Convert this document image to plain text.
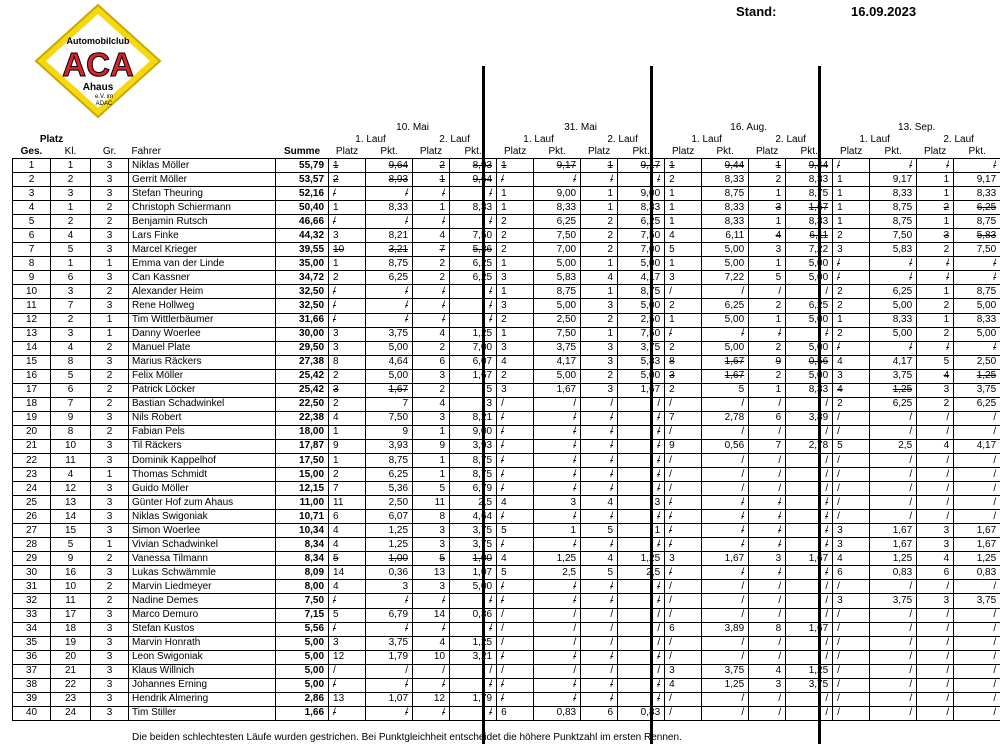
Automobilclub
ACA
Ahaus
e.V. im
ADAC
Stand:	16.09.2023
					10. Mai				31. Mai				16. Aug.				13. Sep.			
Platz					1. Lauf		2. Lauf		1. Lauf		2. Lauf		1. Lauf		2. Lauf		1. Lauf		2. Lauf	
Ges.	Kl.	Gr.	Fahrer	Summe	Platz	Pkt.	Platz	Pkt.	Platz	Pkt.	Platz	Pkt.	Platz	Pkt.	Platz	Pkt.	Platz	Pkt.	Platz	Pkt.
1	1	3	Niklas Möller	55,79	1	9,64	2	8,93	1	9,17	1	9,17	1	9,44	1	9,44	/	/	/	/
2	2	3	Gerrit Möller	53,57	2	8,93	1	9,64	/	/	/	/	2	8,33	2	8,33	1	9,17	1	9,17
3	3	3	Stefan Theuring	52,16	/	/	/	/	1	9,00	1	9,00	1	8,75	1	8,75	1	8,33	1	8,33
4	1	2	Christoph Schiermann	50,40	1	8,33	1	8,33	1	8,33	1	8,33	1	8,33	3	1,67	1	8,75	2	6,25
5	2	2	Benjamin Rutsch	46,66	/	/	/	/	2	6,25	2	6,25	1	8,33	1	8,33	1	8,75	1	8,75
6	4	3	Lars Finke	44,32	3	8,21	4	7,50	2	7,50	2	7,50	4	6,11	4	6,11	2	7,50	3	5,83
7	5	3	Marcel Krieger	39,55	10	3,21	7	5,36	2	7,00	2	7,00	5	5,00	3	7,22	3	5,83	2	7,50
8	1	1	Emma van der Linde	35,00	1	8,75	2	6,25	1	5,00	1	5,00	1	5,00	1	5,00	/	/	/	/
9	6	3	Can Kassner	34,72	2	6,25	2	6,25	3	5,83	4	4,17	3	7,22	5	5,00	/	/	/	/
10	3	2	Alexander Heim	32,50	/	/	/	/	1	8,75	1	8,75	/	/	/	/	2	6,25	1	8,75
11	7	3	Rene Hollweg	32,50	/	/	/	/	3	5,00	3	5,00	2	6,25	2	6,25	2	5,00	2	5,00
12	2	1	Tim Wittlerbäumer	31,66	/	/	/	/	2	2,50	2	2,50	1	5,00	1	5,00	1	8,33	1	8,33
13	3	1	Danny Woerlee	30,00	3	3,75	4	1,25	1	7,50	1	7,50	/	/	/	/	2	5,00	2	5,00
14	4	2	Manuel Plate	29,50	3	5,00	2	7,00	3	3,75	3	3,75	2	5,00	2	5,00	/	/	/	/
15	8	3	Marius Räckers	27,38	8	4,64	6	6,07	4	4,17	3	5,83	8	1,67	9	0,56	4	4,17	5	2,50
16	5	2	Felix Möller	25,42	2	5,00	3	1,67	2	5,00	2	5,00	3	1,67	2	5,00	3	3,75	4	1,25
17	6	2	Patrick Löcker	25,42	3	1,67	2	5	3	1,67	3	1,67	2	5	1	8,33	4	1,25	3	3,75
18	7	2	Bastian Schadwinkel	22,50	2	7	4	3	/	/	/	/	/	/	/	/	2	6,25	2	6,25
19	9	3	Nils Robert	22,38	4	7,50	3	8,21	/	/	/	/	7	2,78	6	3,89	/	/	/	/
20	8	2	Fabian Pels	18,00	1	9	1	9,00	/	/	/	/	/	/	/	/	/	/	/	/
21	10	3	Til Räckers	17,87	9	3,93	9	3,93	/	/	/	/	9	0,56	7	2,78	5	2,5	4	4,17
22	11	3	Dominik Kappelhof	17,50	1	8,75	1	8,75	/	/	/	/	/	/	/	/	/	/	/	/
23	4	1	Thomas Schmidt	15,00	2	6,25	1	8,75	/	/	/	/	/	/	/	/	/	/	/	/
24	12	3	Guido Möller	12,15	7	5,36	5	6,79	/	/	/	/	/	/	/	/	/	/	/	/
25	13	3	Günter Hof zum Ahaus	11,00	11	2,50	11	2,5	4	3	4	3	/	/	/	/	/	/	/	/
26	14	3	Niklas Swigoniak	10,71	6	6,07	8	4,64	/	/	/	/	/	/	/	/	/	/	/	/
27	15	3	Simon Woerlee	10,34	4	1,25	3	3,75	5	1	5	1	/	/	/	/	3	1,67	3	1,67
28	5	1	Vivian Schadwinkel	8,34	4	1,25	3	3,75	/	/	/	/	/	/	/	/	3	1,67	3	1,67
29	9	2	Vanessa Tilmann	8,34	5	1,00	5	1,00	4	1,25	4	1,25	3	1,67	3	1,67	4	1,25	4	1,25
30	16	3	Lukas Schwämmle	8,09	14	0,36	13	1,07	5	2,5	5	2,5	/	/	/	/	6	0,83	6	0,83
31	10	2	Marvin Liedmeyer	8,00	4	3	3	5,00	/	/	/	/	/	/	/	/	/	/	/	/
32	11	2	Nadine Demes	7,50	/	/	/	/	/	/	/	/	/	/	/	/	3	3,75	3	3,75
33	17	3	Marco Demuro	7,15	5	6,79	14	0,36	/	/	/	/	/	/	/	/	/	/	/	/
34	18	3	Stefan Kustos	5,56	/	/	/	/	/	/	/	/	6	3,89	8	1,67	/	/	/	/
35	19	3	Marvin Honrath	5,00	3	3,75	4	1,25	/	/	/	/	/	/	/	/	/	/	/	/
36	20	3	Leon Swigoniak	5,00	12	1,79	10	3,21	/	/	/	/	/	/	/	/	/	/	/	/
37	21	3	Klaus Willnich	5,00	/	/	/	/	/	/	/	/	3	3,75	4	1,25	/	/	/	/
38	22	3	Johannes Erning	5,00	/	/	/	/	/	/	/	/	4	1,25	3	3,75	/	/	/	/
39	23	3	Hendrik Almering	2,86	13	1,07	12	1,79	/	/	/	/	/	/	/	/	/	/	/	/
40	24	3	Tim Stiller	1,66	/	/	/	/	6	0,83	6	0,83	/	/	/	/	/	/	/	/
Die beiden schlechtesten Läufe wurden gestrichen. Bei Punktgleichheit entscheidet die höhere Punktzahl im ersten Rennen.
